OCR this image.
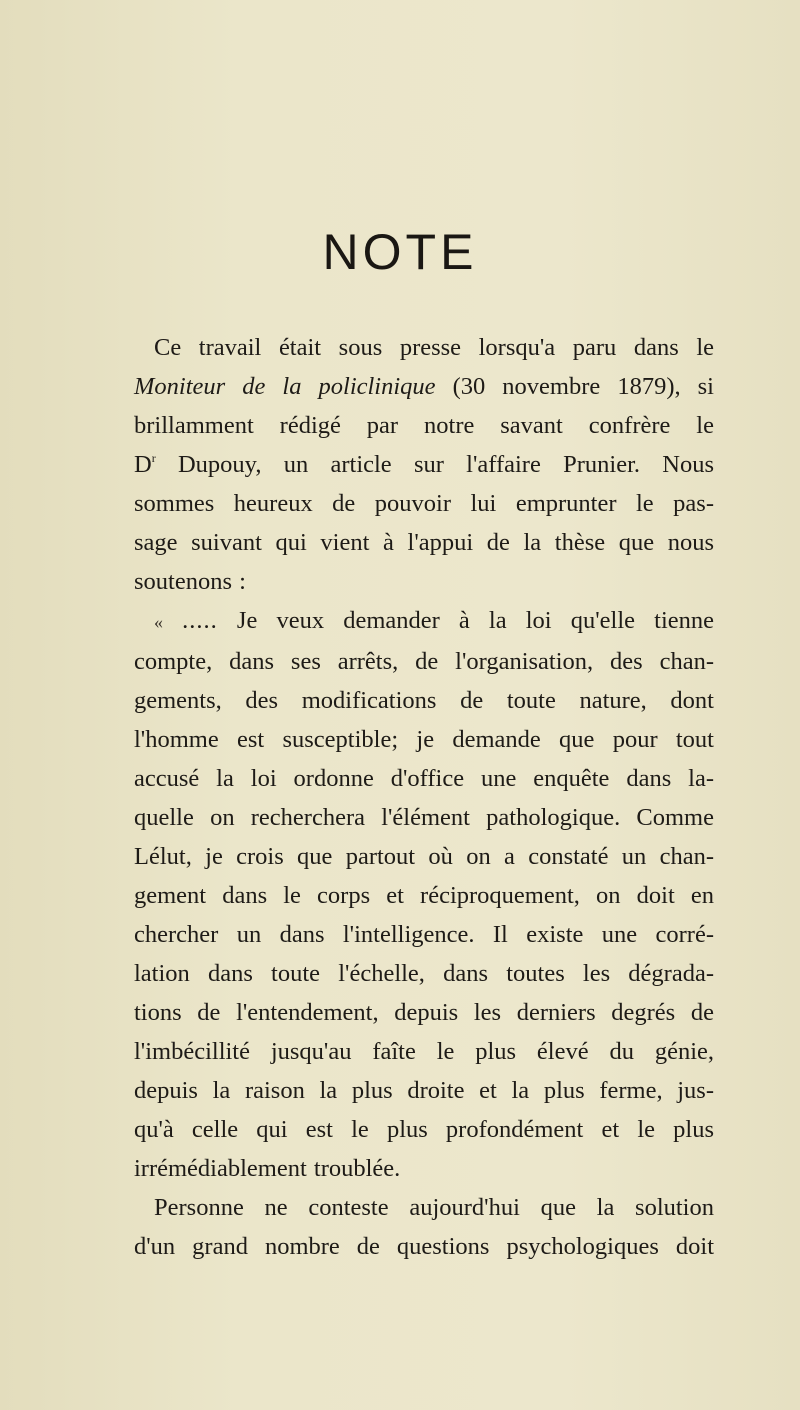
NOTE
Ce travail était sous presse lorsqu'a paru dans le
Moniteur de la policlinique (30 novembre 1879), si
brillamment rédigé par notre savant confrère le
$D^r$ Dupouy, un article sur l'affaire Prunier. Nous
sommes heureux de pouvoir lui emprunter le pas-
sage suivant qui vient à l'appui de la thèse que nous
soutenons :
« ..... Je veux demander à la loi qu'elle tienne
compte, dans ses arrêts, de l'organisation, des chan-
gements, des modifications de toute nature, dont
l'homme est susceptible; je demande que pour tout
accusé la loi ordonne d'office une enquête dans la-
quelle on recherchera l'élément pathologique. Comme
Lélut, je crois que partout où on a constaté un chan-
gement dans le corps et réciproquement, on doit en
chercher un dans l'intelligence. Il existe une corré-
lation dans toute l'échelle, dans toutes les dégrada-
tions de l'entendement, depuis les derniers degrés de
l'imbécillité jusqu'au faîte le plus élevé du génie,
depuis la raison la plus droite et la plus ferme, jus-
qu'à celle qui est le plus profondément et le plus
irrémédiablement troublée.
Personne ne conteste aujourd'hui que la solution
d'un grand nombre de questions psychologiques doit
